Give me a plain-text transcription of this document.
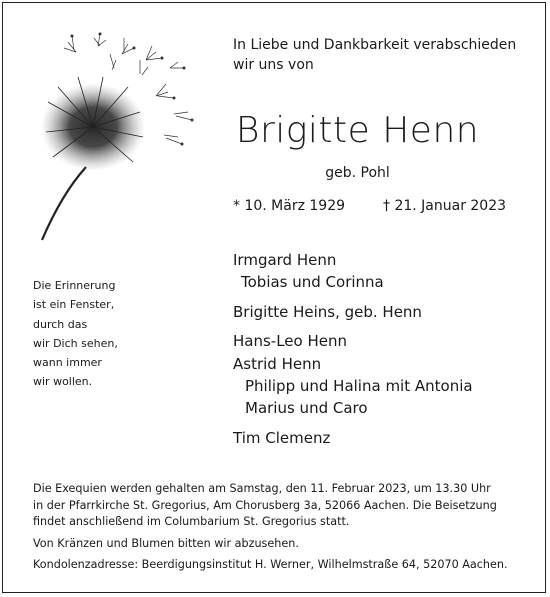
In Liebe und Dankbarkeit verabschieden
wir uns von
Brigitte Henn
geb. Pohl
* 10. März 1929	† 21. Januar 2023
Die Erinnerung
ist ein Fenster,
durch das
wir Dich sehen,
wann immer
wir wollen.
Irmgard Henn
Tobias und Corinna
Brigitte Heins, geb. Henn
Hans-Leo Henn
Astrid Henn
Philipp und Halina mit Antonia
Marius und Caro
Tim Clemenz

Die Exequien werden gehalten am Samstag, den 11. Februar 2023, um 13.30 Uhr

in der Pfarrkirche St. Gregorius, Am Chorusberg 3a, 52066 Aachen. Die Beisetzung

findet anschließend im Columbarium St. Gregorius statt.

Von Kränzen und Blumen bitten wir abzusehen.

Kondolenzadresse: Beerdigungsinstitut H. Werner, Wilhelmstraße 64, 52070 Aachen.
